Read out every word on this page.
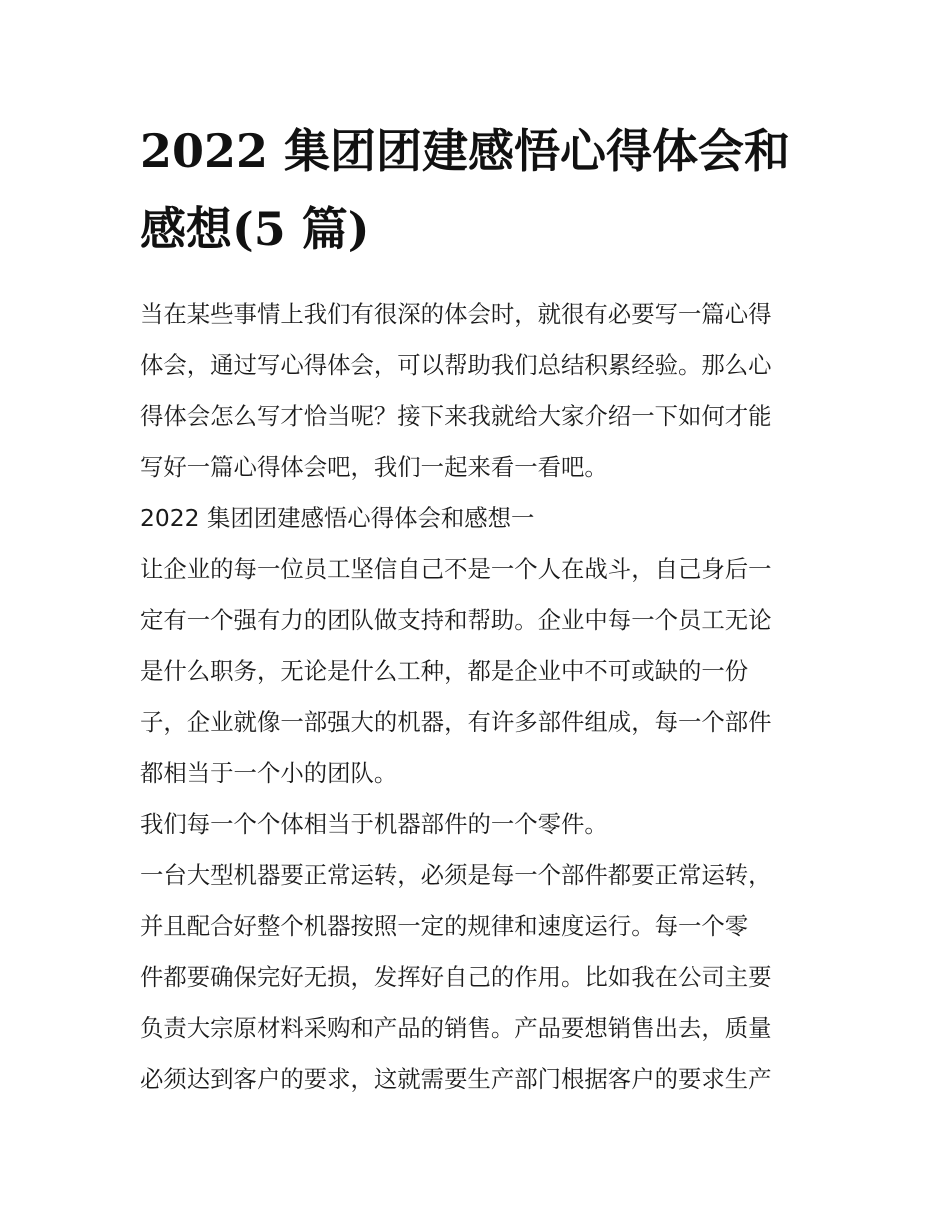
2022 集团团建感悟心得体会和
感想(5 篇)

当在某些事情上我们有很深的体会时，就很有必要写一篇心得
体会，通过写心得体会，可以帮助我们总结积累经验。那么心
得体会怎么写才恰当呢？接下来我就给大家介绍一下如何才能
写好一篇心得体会吧，我们一起来看一看吧。

2022 集团团建感悟心得体会和感想一

让企业的每一位员工坚信自己不是一个人在战斗，自己身后一
定有一个强有力的团队做支持和帮助。企业中每一个员工无论
是什么职务，无论是什么工种，都是企业中不可或缺的一份
子，企业就像一部强大的机器，有许多部件组成，每一个部件
都相当于一个小的团队。

我们每一个个体相当于机器部件的一个零件。

一台大型机器要正常运转，必须是每一个部件都要正常运转，
并且配合好整个机器按照一定的规律和速度运行。每一个零
件都要确保完好无损，发挥好自己的作用。比如我在公司主要
负责大宗原材料采购和产品的销售。产品要想销售出去，质量
必须达到客户的要求，这就需要生产部门根据客户的要求生产
